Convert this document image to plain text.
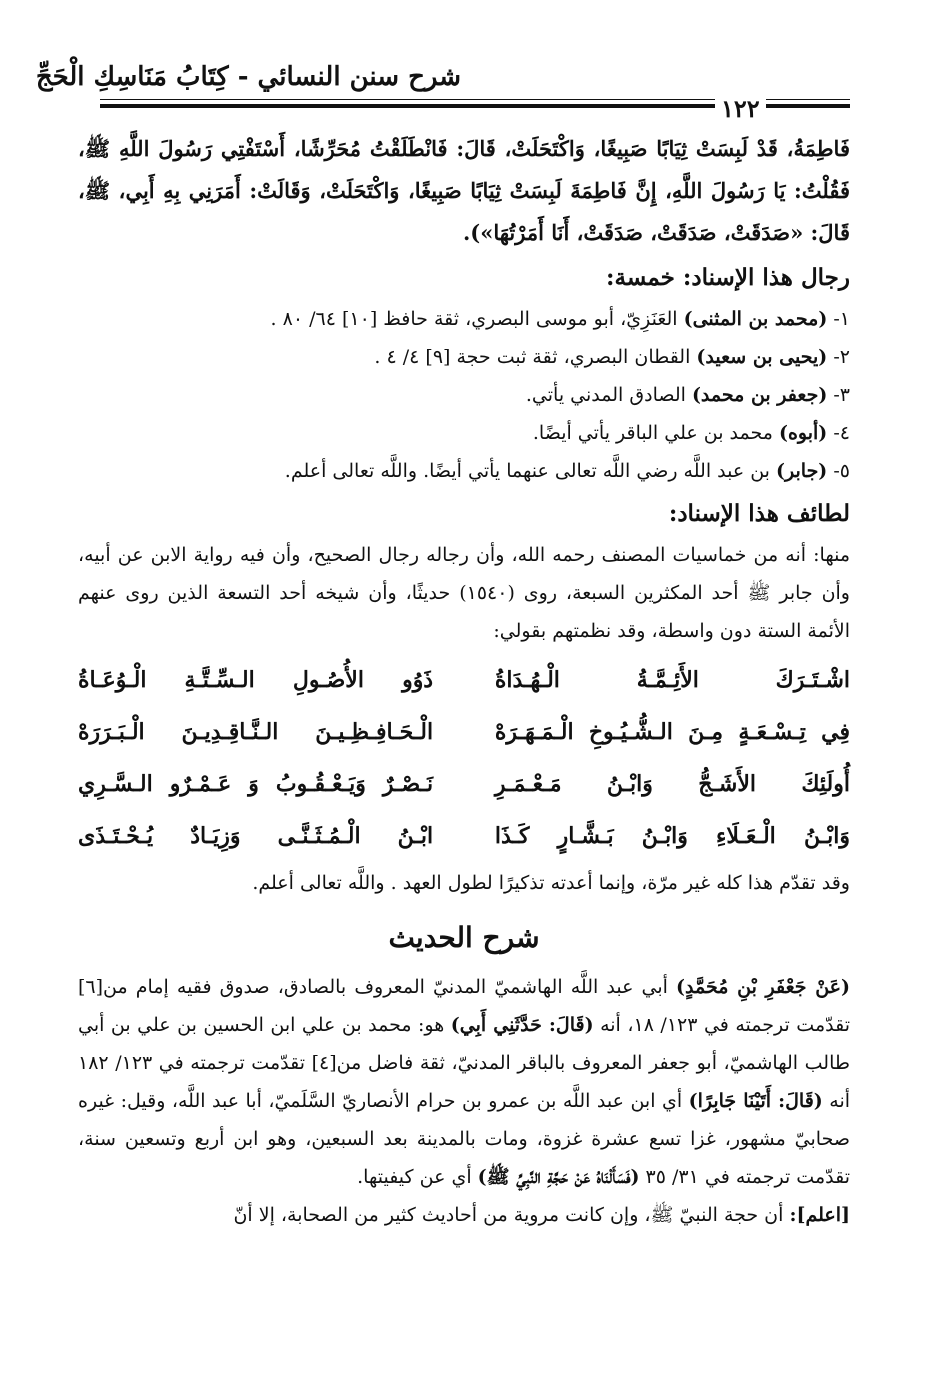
شرح سنن النسائي - كِتَابُ مَنَاسِكِ الْحَجِّ
١٢٢

فَاطِمَةُ، قَدْ لَبِسَتْ ثِيَابًا صَبِيغًا، وَاكْتَحَلَتْ، قَالَ: فَانْطَلَقْتُ مُحَرِّشًا، أَسْتَفْتِي رَسُولَ اللَّهِ ﷺ، فَقُلْتُ: يَا رَسُولَ اللَّهِ، إِنَّ فَاطِمَةَ لَبِسَتْ ثِيَابًا صَبِيغًا، وَاكْتَحَلَتْ، وَقَالَتْ: أَمَرَنِي بِهِ أَبِي، ﷺ، قَالَ: «صَدَقَتْ، صَدَقَتْ، صَدَقَتْ، أَنَا أَمَرْتُهَا»).

رجال هذا الإسناد: خمسة:

١- (محمد بن المثنى) العَنَزِيّ، أبو موسى البصري، ثقة حافظ [١٠] ٦٤/ ٨٠ .

٢- (يحيى بن سعيد) القطان البصري، ثقة ثبت حجة [٩] ٤/ ٤ .

٣- (جعفر بن محمد) الصادق المدني يأتي.

٤- (أبوه) محمد بن علي الباقر يأتي أيضًا.

٥- (جابر) بن عبد اللَّه رضي اللَّه تعالى عنهما يأتي أيضًا. واللَّه تعالى أعلم.

لطائف هذا الإسناد:

منها: أنه من خماسيات المصنف رحمه الله، وأن رجاله رجال الصحيح، وأن فيه رواية الابن عن أبيه، وأن جابر ﷺ أحد المكثرين السبعة، روى (١٥٤٠) حديثًا، وأن شيخه أحد التسعة الذين روى عنهم الأئمة الستة دون واسطة، وقد نظمتهم بقولي:

اشْـتَـرَكَ الأَئِـمَّـةُ الْـهُـدَاةُ
ذَوُو الأُصُـولِ الـسِّـتَّـةِ الْـوُعَـاةُ
فِي تِـسْـعَـةٍ مِـنَ الـشُّـيُـوخِ الْـمَـهَـرَهْ
الْـحَـافِـظِـيـنَ الـنَّـاقِـدِيـنَ الْـبَـرَرَهْ
أُولَئِكَ الأَشَـجُّ وَابْـنُ مَـعْـمَـرِ
نَـصْـرٌ وَيَـعْـقُـوبُ وَ عَـمْـرٌو الـسَّـرِي
وَابْـنُ الْـعَـلَاءِ وَابْـنُ بَـشَّـارٍ كَـذَا
ابْـنُ الْـمُـثَـنَّـى وَزِيَـادٌ يُـحْـتَـذَى

وقد تقدّم هذا كله غير مرّة، وإنما أعدته تذكيرًا لطول العهد . واللَّه تعالى أعلم.

شرح الحديث

(عَنْ جَعْفَرِ بْنِ مُحَمَّدٍ) أبي عبد اللَّه الهاشميّ المدنيّ المعروف بالصادق، صدوق فقيه إمام من[٦] تقدّمت ترجمته في ١٢٣/ ١٨، أنه (قَالَ: حَدَّثَنِي أَبِي) هو: محمد بن علي ابن الحسين بن علي بن أبي طالب الهاشميّ، أبو جعفر المعروف بالباقر المدنيّ، ثقة فاضل من[٤] تقدّمت ترجمته في ١٢٣/ ١٨٢ أنه (قَالَ: أَتَيْنَا جَابِرًا) أي ابن عبد اللَّه بن عمرو بن حرام الأنصاريّ السَّلَميّ، أبا عبد اللَّه، وقيل: غيره صحابيّ مشهور، غزا تسع عشرة غزوة، ومات بالمدينة بعد السبعين، وهو ابن أربع وتسعين سنة، تقدّمت ترجمته في ٣١/ ٣٥ (فَسَأَلْنَاهُ عَنْ حَجَّةِ النَّبِيِّ ﷺ) أي عن كيفيتها.

[اعلم]: أن حجة النبيّ ﷺ، وإن كانت مروية من أحاديث كثير من الصحابة، إلا أنّ
